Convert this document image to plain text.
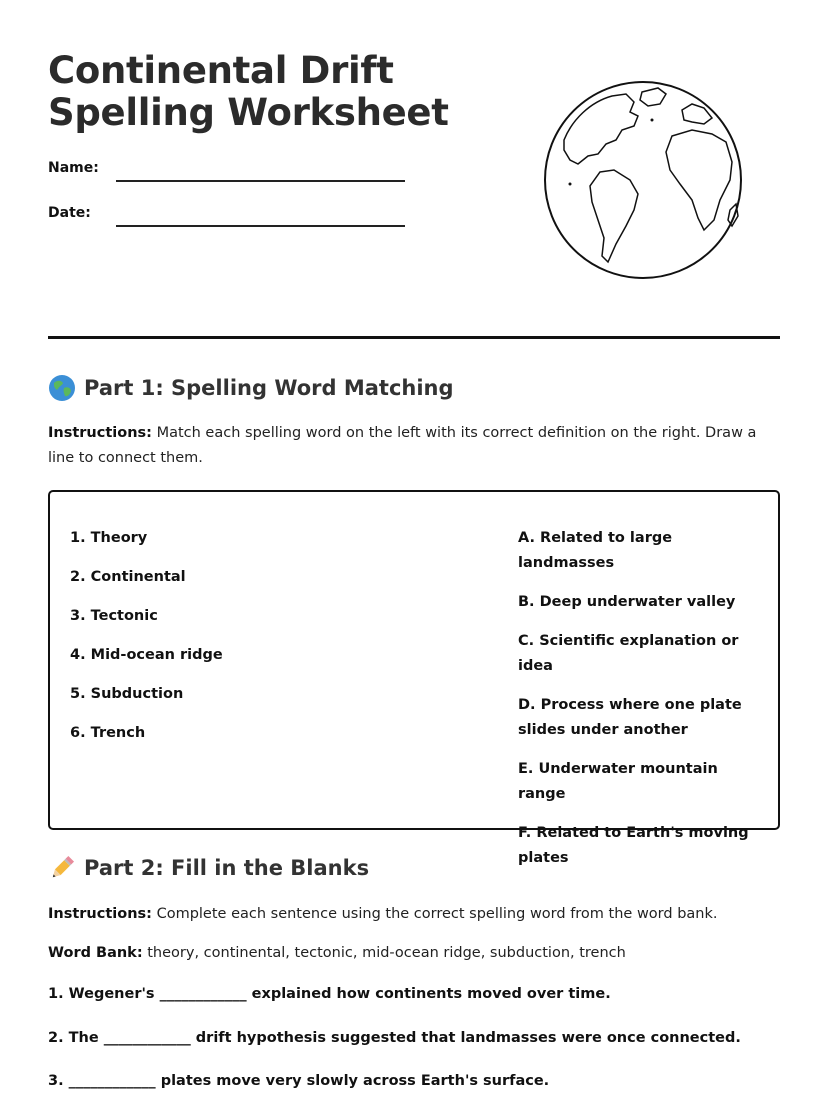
Continental Drift
Spelling Worksheet
Name:
Date:
Part 1: Spelling Word Matching

Instructions: Match each spelling word on the left with its correct definition on the right. Draw a line to connect them.

1. Theory
2. Continental
3. Tectonic
4. Mid-ocean ridge
5. Subduction
6. Trench
A. Related to large landmasses
B. Deep underwater valley
C. Scientific explanation or idea
D. Process where one plate slides under another
E. Underwater mountain range
F. Related to Earth's moving plates
Part 2: Fill in the Blanks

Instructions: Complete each sentence using the correct spelling word from the word bank.

Word Bank: theory, continental, tectonic, mid-ocean ridge, subduction, trench

1. Wegener's ____________ explained how continents moved over time.
2. The ____________ drift hypothesis suggested that landmasses were once connected.
3. ____________ plates move very slowly across Earth's surface.
